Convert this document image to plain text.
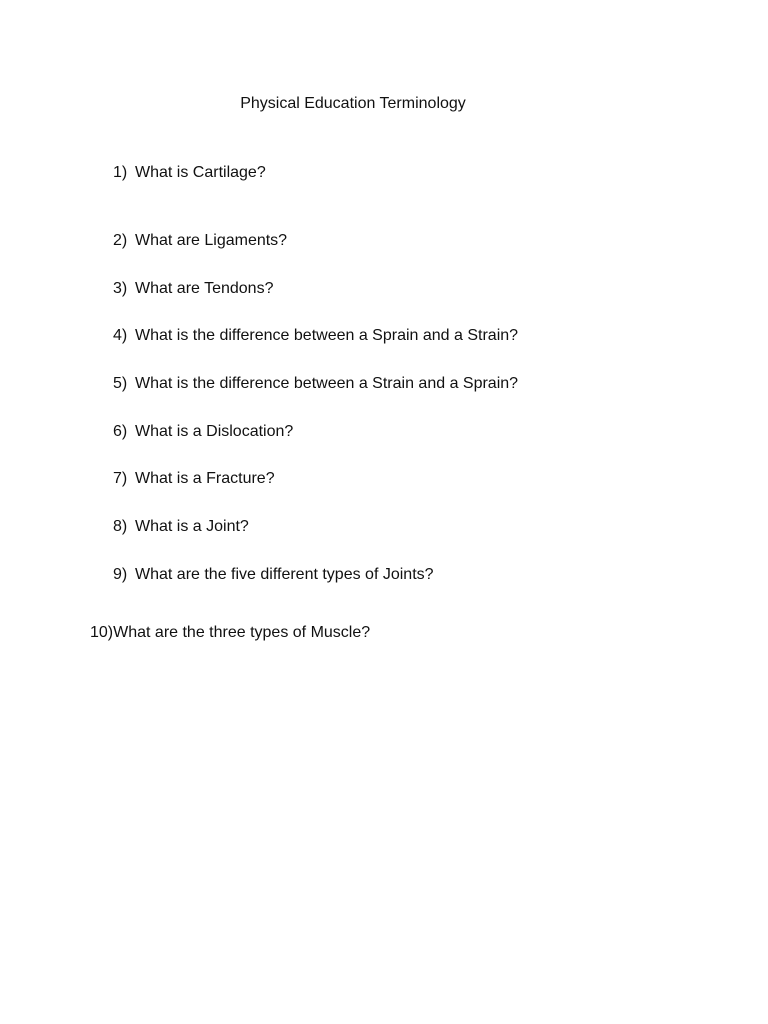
Physical Education Terminology
1) What is Cartilage?
2) What are Ligaments?
3) What are Tendons?
4) What is the difference between a Sprain and a Strain?
5) What is the difference between a Strain and a Sprain?
6) What is a Dislocation?
7) What is a Fracture?
8) What is a Joint?
9) What are the five different types of Joints?
10)What are the three types of Muscle?
